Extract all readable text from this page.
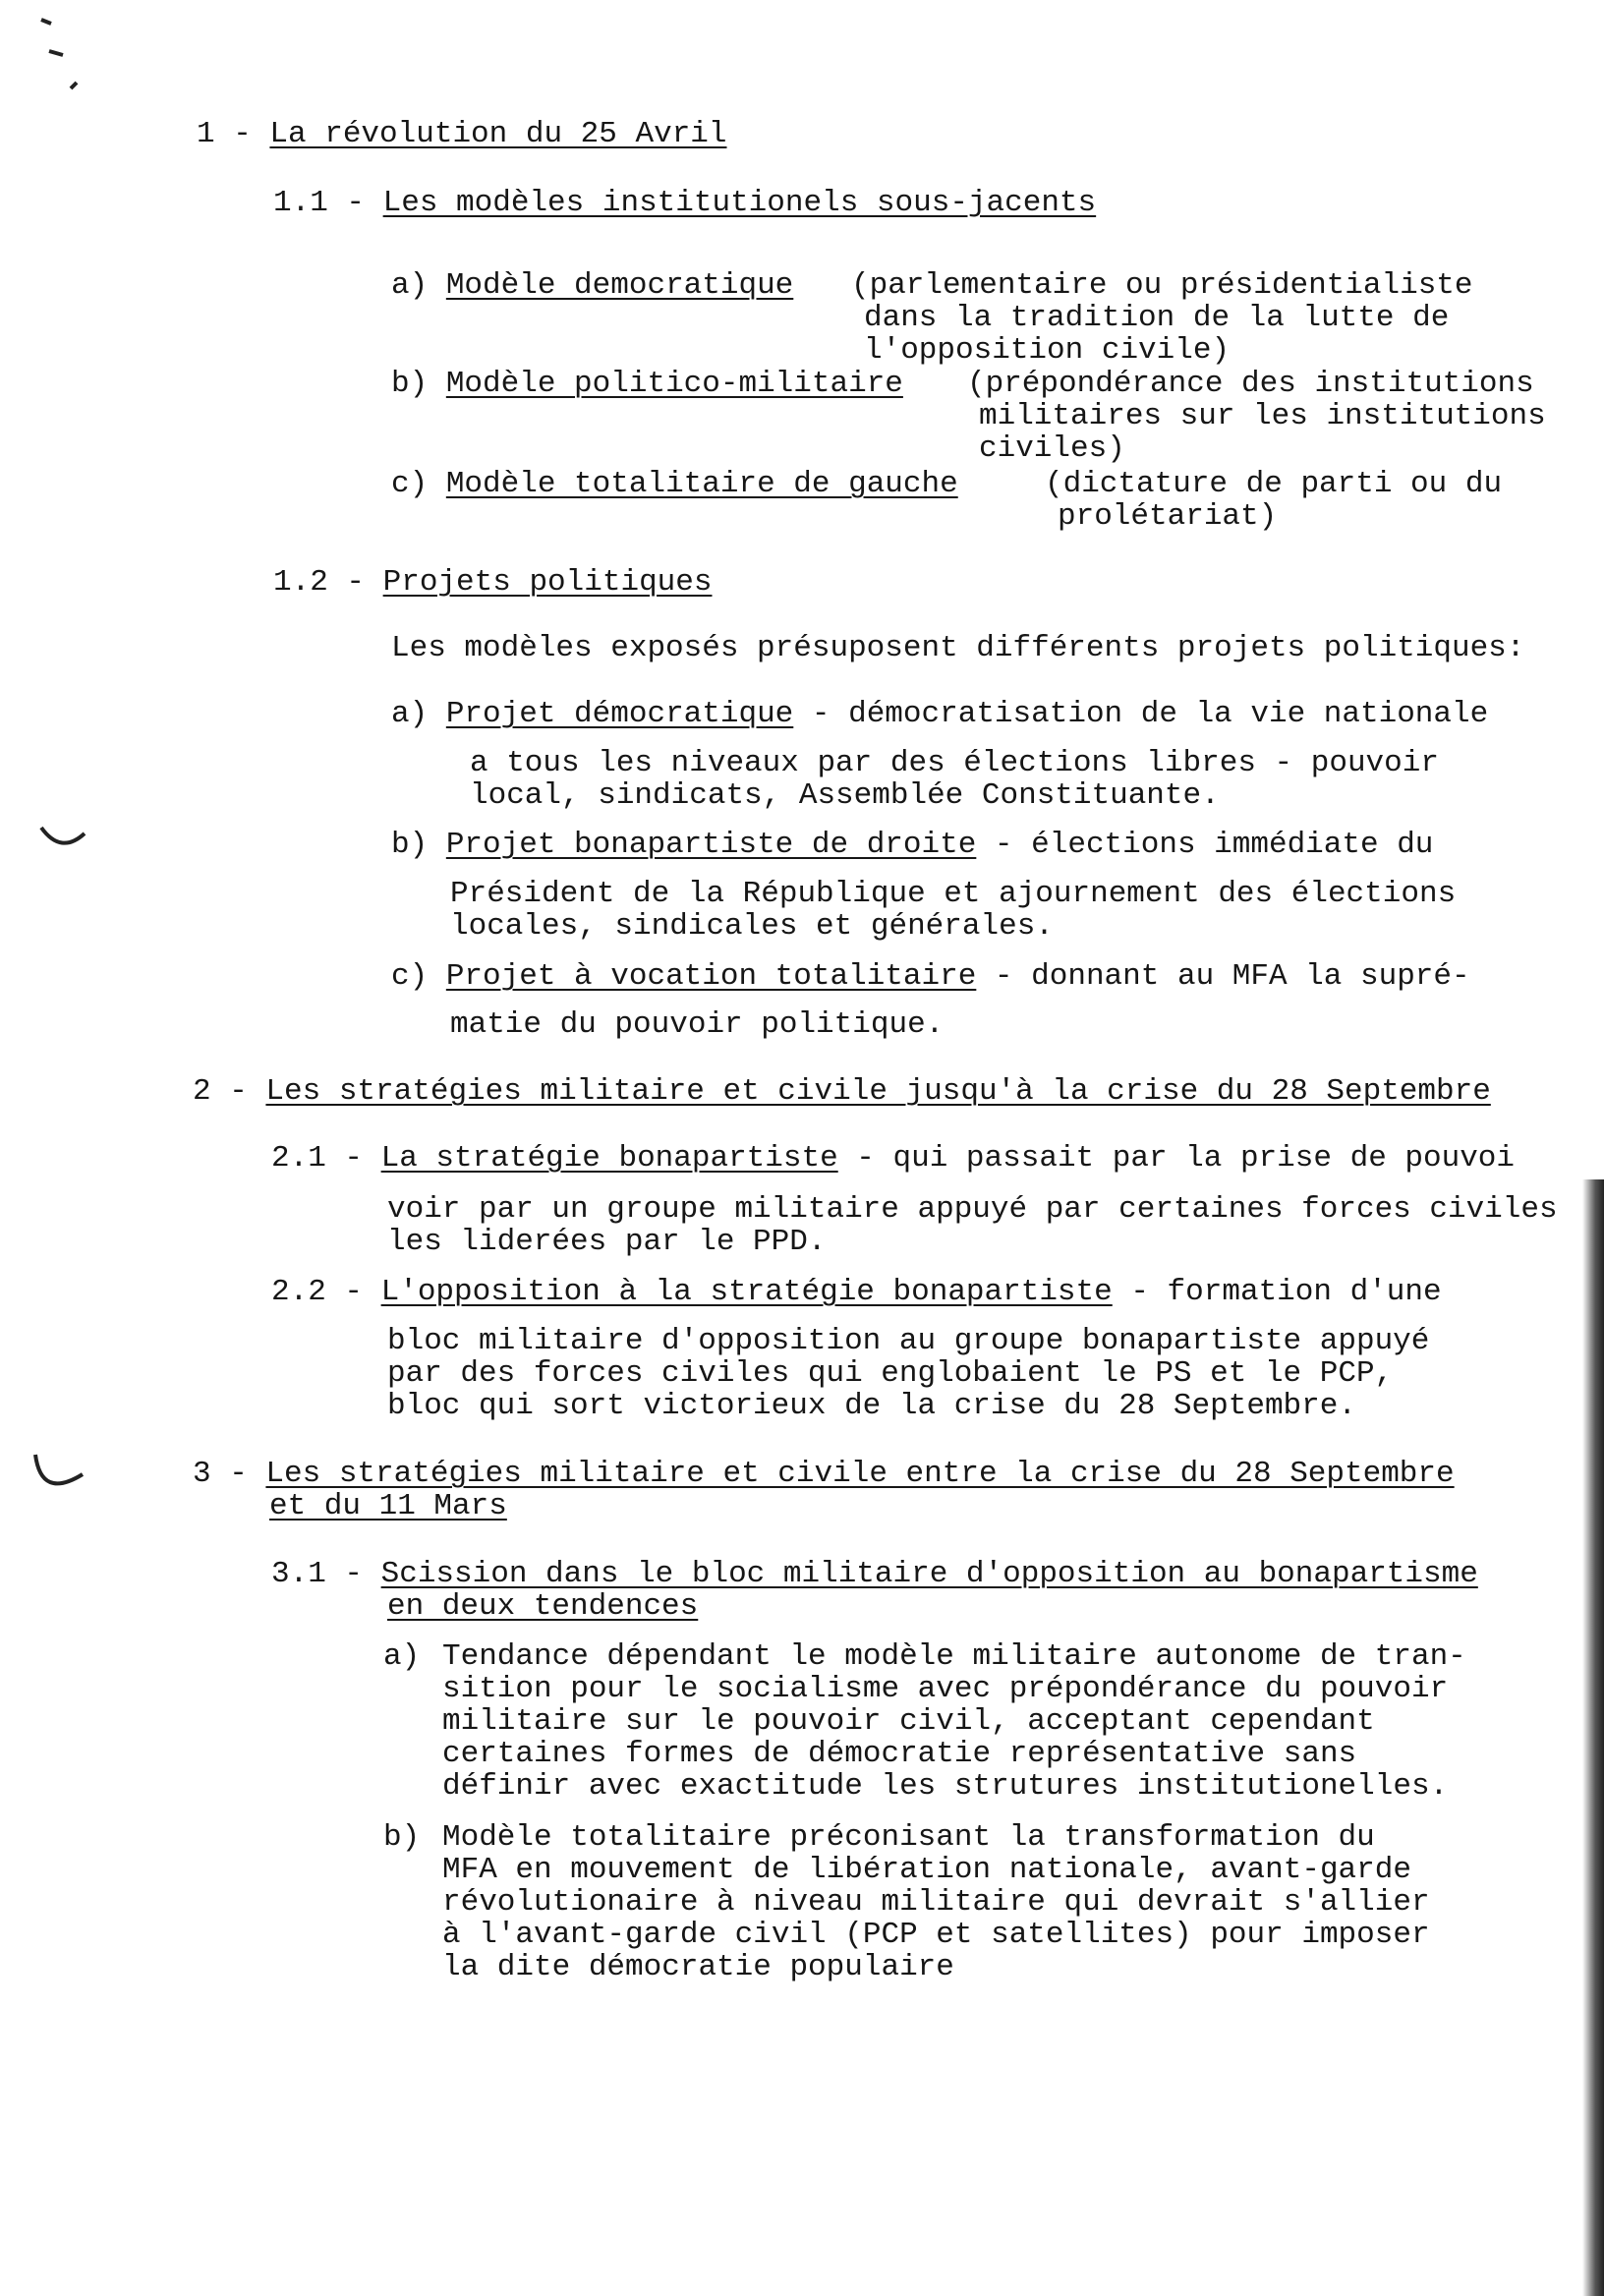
1 - La révolution du 25 Avril
1.1 - Les modèles institutionels sous-jacents
a) Modèle democratique (parlementaire ou présidentialiste
dans la tradition de la lutte de
l'opposition civile)
b) Modèle politico-militaire (prépondérance des institutions
militaires sur les institutions
civiles)
c) Modèle totalitaire de gauche	(dictature de parti ou du
prolétariat)
1.2 - Projets politiques
Les modèles exposés présuposent différents projets politiques:
a) Projet démocratique - démocratisation de la vie nationale
a tous les niveaux par des élections libres - pouvoir
local, sindicats, Assemblée Constituante.
b) Projet bonapartiste de droite - élections immédiate du
Président de la République et ajournement des élections
locales, sindicales et générales.
c) Projet à vocation totalitaire - donnant au MFA la supré-
matie du pouvoir politique.
2 - Les stratégies militaire et civile jusqu'à la crise du 28 Septembre
2.1 - La stratégie bonapartiste - qui passait par la prise de pouvoi
voir par un groupe militaire appuyé par certaines forces civiles
les liderées par le PPD.
2.2 - L'opposition à la stratégie bonapartiste - formation d'une
bloc militaire d'opposition au groupe bonapartiste appuyé
par des forces civiles qui englobaient le PS et le PCP,
bloc qui sort victorieux de la crise du 28 Septembre.
3 - Les stratégies militaire et civile entre la crise du 28 Septembre
et du 11 Mars
3.1 - Scission dans le bloc militaire d'opposition au bonapartisme
en deux tendences
a) Tendance dépendant le modèle militaire autonome de tran-
sition pour le socialisme avec prépondérance du pouvoir
militaire sur le pouvoir civil, acceptant cependant
certaines formes de démocratie représentative sans
définir avec exactitude les strutures institutionelles.
b) Modèle totalitaire préconisant la transformation du
MFA en mouvement de libération nationale, avant-garde
révolutionaire à niveau militaire qui devrait s'allier
à l'avant-garde civil (PCP et satellites) pour imposer
la dite démocratie populaire
